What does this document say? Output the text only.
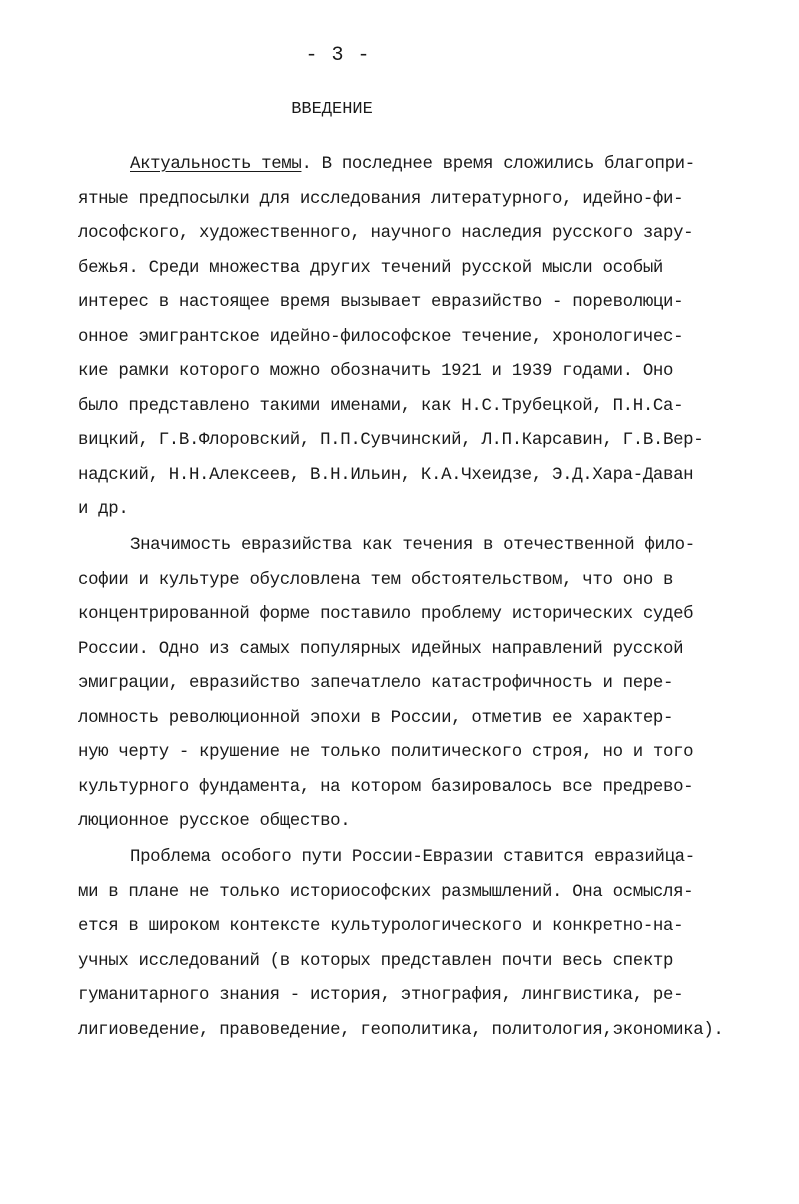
- 3 -
ВВЕДЕНИЕ
Актуальность темы. В последнее время сложились благопри-
ятные предпосылки для исследования литературного, идейно-фи-
лософского, художественного, научного наследия русского зару-
бежья. Среди множества других течений русской мысли особый
интерес в настоящее время вызывает евразийство - пореволюци-
онное эмигрантское идейно-философское течение, хронологичес-
кие рамки которого можно обозначить 1921 и 1939 годами. Оно
было представлено такими именами, как Н.С.Трубецкой, П.Н.Са-
вицкий, Г.В.Флоровский, П.П.Сувчинский, Л.П.Карсавин, Г.В.Вер-
надский, Н.Н.Алексеев, В.Н.Ильин, К.А.Чхеидзе, Э.Д.Хара-Даван
и др.
Значимость евразийства как течения в отечественной фило-
софии и культуре обусловлена тем обстоятельством, что оно в
концентрированной форме поставило проблему исторических судеб
России. Одно из самых популярных идейных направлений русской
эмиграции, евразийство запечатлело катастрофичность и пере-
ломность революционной эпохи в России, отметив ее характер-
ную черту - крушение не только политического строя, но и того
культурного фундамента, на котором базировалось все предрево-
люционное русское общество.
Проблема особого пути России-Евразии ставится евразийца-
ми в плане не только историософских размышлений. Она осмысля-
ется в широком контексте культурологического и конкретно-на-
учных исследований (в которых представлен почти весь спектр
гуманитарного знания - история, этнография, лингвистика, ре-
лигиоведение, правоведение, геополитика, политология,экономика).
